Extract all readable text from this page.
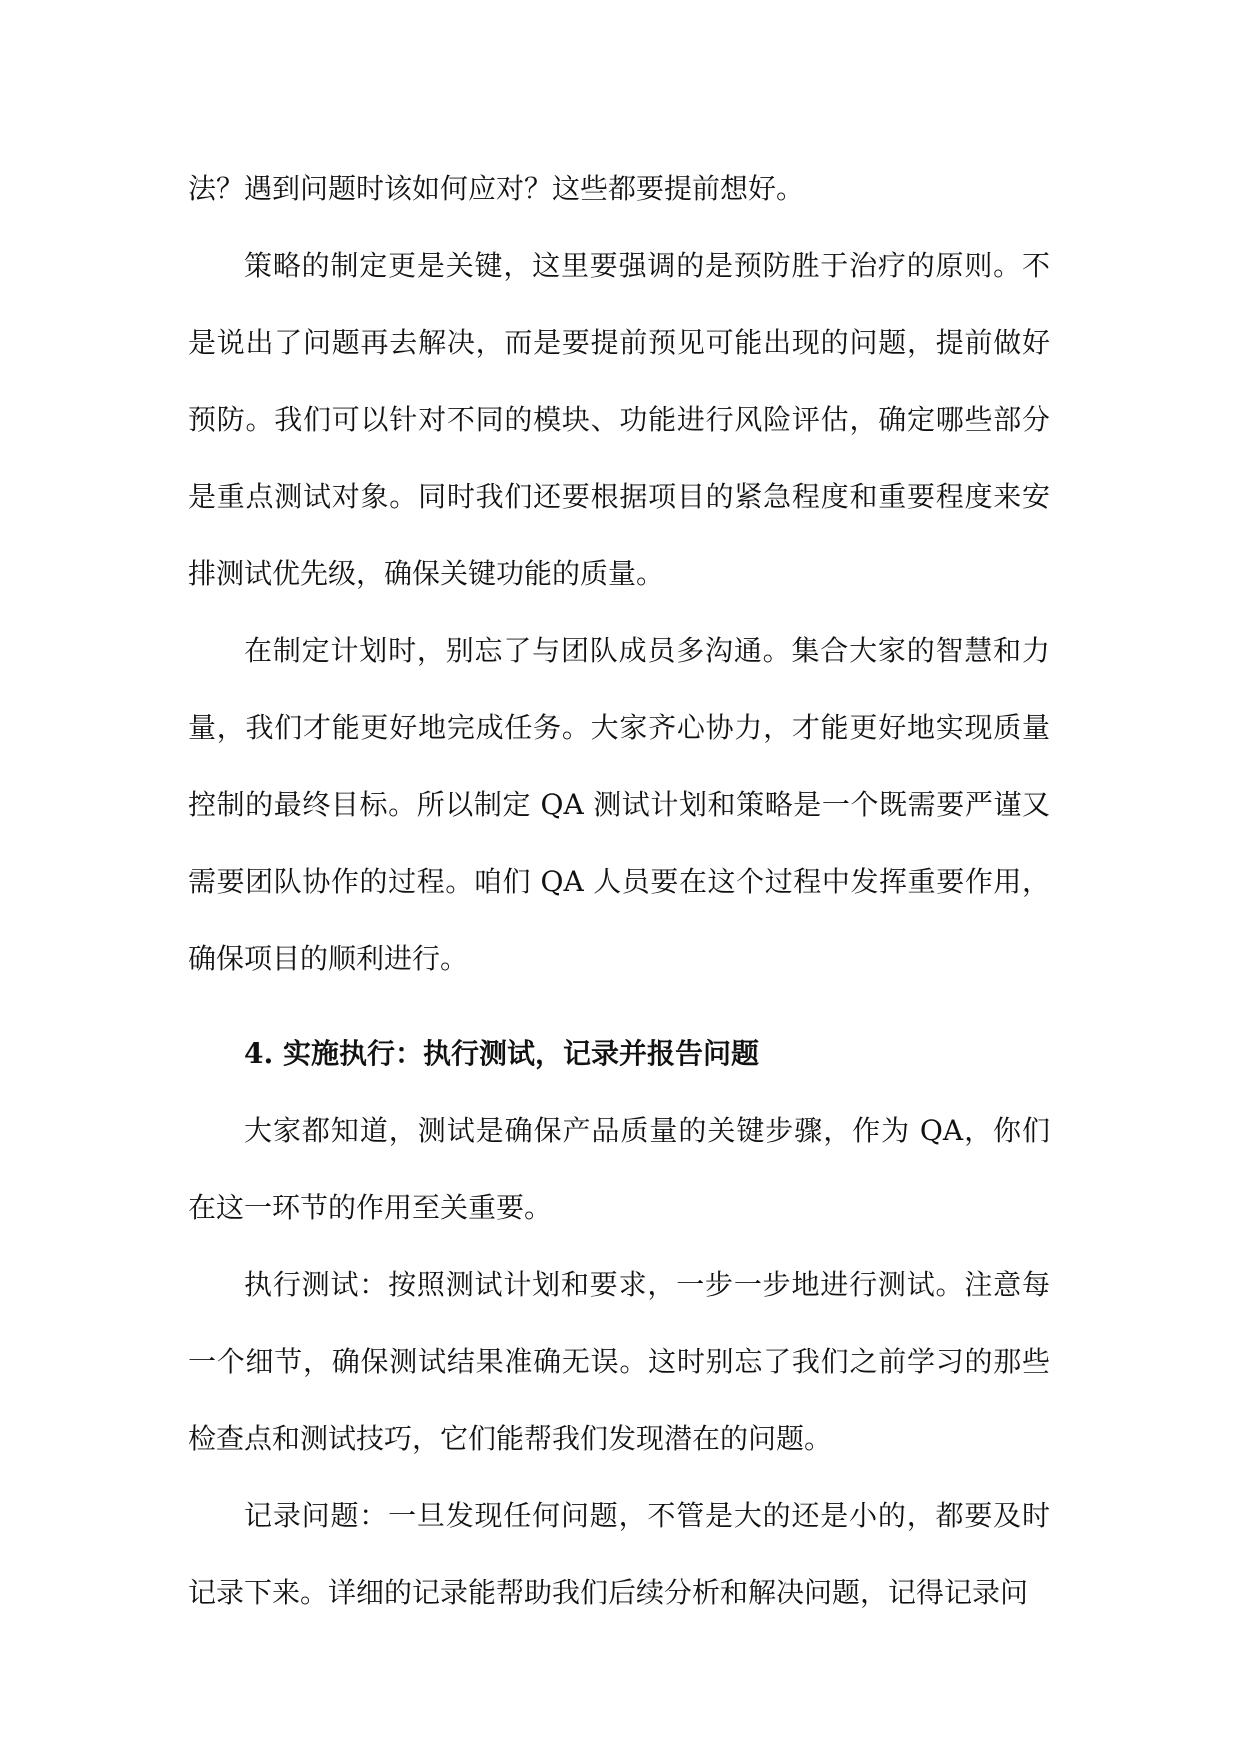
法？遇到问题时该如何应对？这些都要提前想好。

策略的制定更是关键，这里要强调的是预防胜于治疗的原则。不是说出了问题再去解决，而是要提前预见可能出现的问题，提前做好预防。我们可以针对不同的模块、功能进行风险评估，确定哪些部分是重点测试对象。同时我们还要根据项目的紧急程度和重要程度来安排测试优先级，确保关键功能的质量。

在制定计划时，别忘了与团队成员多沟通。集合大家的智慧和力量，我们才能更好地完成任务。大家齐心协力，才能更好地实现质量控制的最终目标。所以制定 QA 测试计划和策略是一个既需要严谨又需要团队协作的过程。咱们 QA 人员要在这个过程中发挥重要作用，确保项目的顺利进行。

4. 实施执行：执行测试，记录并报告问题

大家都知道，测试是确保产品质量的关键步骤，作为 QA，你们在这一环节的作用至关重要。

执行测试：按照测试计划和要求，一步一步地进行测试。注意每一个细节，确保测试结果准确无误。这时别忘了我们之前学习的那些检查点和测试技巧，它们能帮我们发现潜在的问题。

记录问题：一旦发现任何问题，不管是大的还是小的，都要及时记录下来。详细的记录能帮助我们后续分析和解决问题，记得记录问
